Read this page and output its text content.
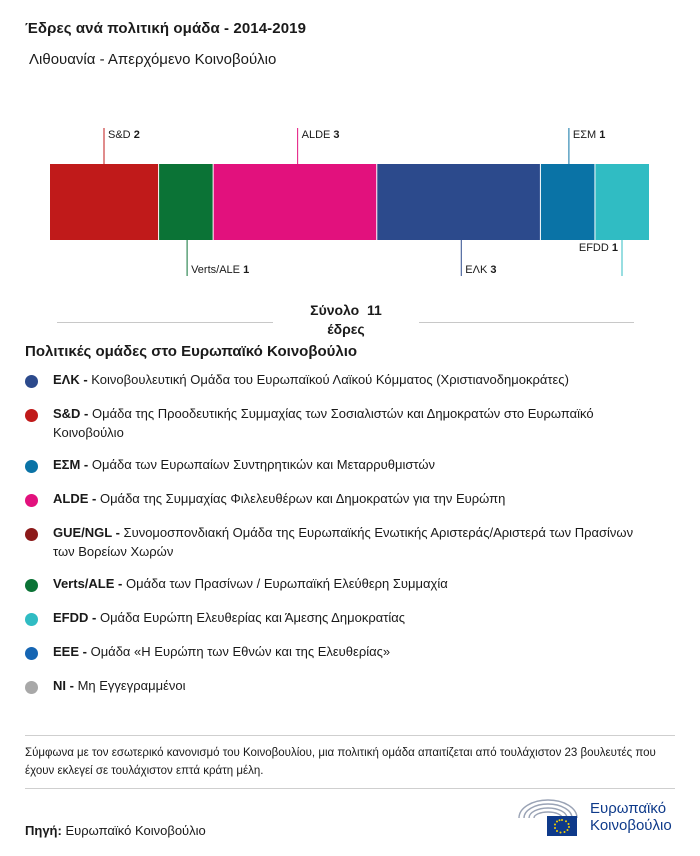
Έδρες ανά πολιτική ομάδα - 2014-2019
Λιθουανία - Απερχόμενο Κοινοβούλιο
S&D 2
Verts/ALE 1
ALDE 3
ΕΛΚ 3
ΕΣΜ 1
EFDD 1
Σύνολο  11
έδρες
Πολιτικές ομάδες στο Ευρωπαϊκό Κοινοβούλιο
ΕΛΚ - Κοινοβουλευτική Ομάδα του Ευρωπαϊκού Λαϊκού Κόμματος (Χριστιανοδημοκράτες)
S&D - Ομάδα της Προοδευτικής Συμμαχίας των Σοσιαλιστών και Δημοκρατών στο Ευρωπαϊκό Κοινοβούλιο
ΕΣΜ - Ομάδα των Ευρωπαίων Συντηρητικών και Μεταρρυθμιστών
ALDE - Ομάδα της Συμμαχίας Φιλελευθέρων και Δημοκρατών για την Ευρώπη
GUE/NGL - Συνομοσπονδιακή Ομάδα της Ευρωπαϊκής Ενωτικής Αριστεράς/Αριστερά των Πρασίνων των Βορείων Χωρών
Verts/ALE - Ομάδα των Πρασίνων / Ευρωπαϊκή Ελεύθερη Συμμαχία
EFDD - Ομάδα Ευρώπη Ελευθερίας και Άμεσης Δημοκρατίας
ΕΕΕ - Ομάδα «Η Ευρώπη των Εθνών και της Ελευθερίας»
NI - Μη Εγγεγραμμένοι
Σύμφωνα με τον εσωτερικό κανονισμό του Κοινοβουλίου, μια πολιτική ομάδα απαιτίζεται από τουλάχιστον 23 βουλευτές που έχουν εκλεγεί σε τουλάχιστον επτά κράτη μέλη.
Πηγή: Ευρωπαϊκό Κοινοβούλιο
Ευρωπαϊκό
Κοινοβούλιο
